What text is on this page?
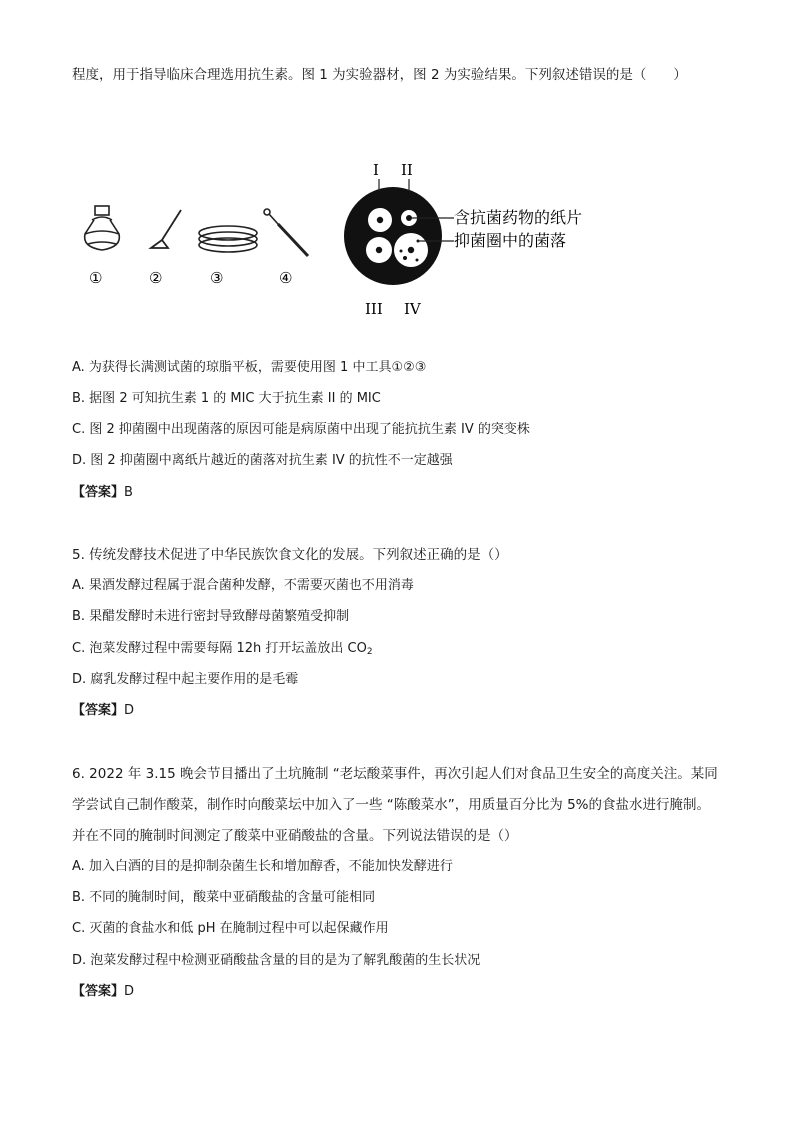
程度，用于指导临床合理选用抗生素。图 1 为实验器材，图 2 为实验结果。下列叙述错误的是（　　）
①	②	③	④
I II
III IV
含抗菌药物的纸片
抑菌圈中的菌落
A. 为获得长满测试菌的琼脂平板，需要使用图 1 中工具①②③
B. 据图 2 可知抗生素 1 的 MIC 大于抗生素 II 的 MIC
C. 图 2 抑菌圈中出现菌落的原因可能是病原菌中出现了能抗抗生素 IV 的突变株
D. 图 2 抑菌圈中离纸片越近的菌落对抗生素 IV 的抗性不一定越强
【答案】B
5. 传统发酵技术促进了中华民族饮食文化的发展。下列叙述正确的是（）
A. 果酒发酵过程属于混合菌种发酵，不需要灭菌也不用消毒
B. 果醋发酵时未进行密封导致酵母菌繁殖受抑制
C. 泡菜发酵过程中需要每隔 12h 打开坛盖放出 $CO_2$
D. 腐乳发酵过程中起主要作用的是毛霉
【答案】D
6. 2022 年 3.15 晚会节目播出了土坑腌制 “老坛酸菜事件，再次引起人们对食品卫生安全的高度关注。某同
学尝试自己制作酸菜，制作时向酸菜坛中加入了一些 “陈酸菜水”，用质量百分比为 5%的食盐水进行腌制。
并在不同的腌制时间测定了酸菜中亚硝酸盐的含量。下列说法错误的是（）
A. 加入白酒的目的是抑制杂菌生长和增加醇香，不能加快发酵进行
B. 不同的腌制时间，酸菜中亚硝酸盐的含量可能相同
C. 灭菌的食盐水和低 pH 在腌制过程中可以起保藏作用
D. 泡菜发酵过程中检测亚硝酸盐含量的目的是为了解乳酸菌的生长状况
【答案】D
